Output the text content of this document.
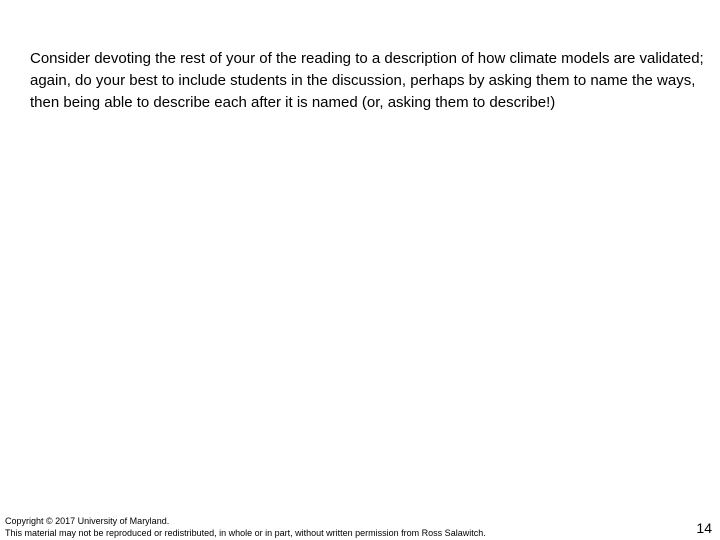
Consider devoting the rest of your of the reading to a description of how climate models are validated; again, do your best to include students in the discussion, perhaps by asking them to name the ways, then being able to describe each after it is named (or, asking them to describe!)

Copyright © 2017 University of Maryland.
This material may not be reproduced or redistributed, in whole or in part, without written permission from Ross Salawitch.	14
